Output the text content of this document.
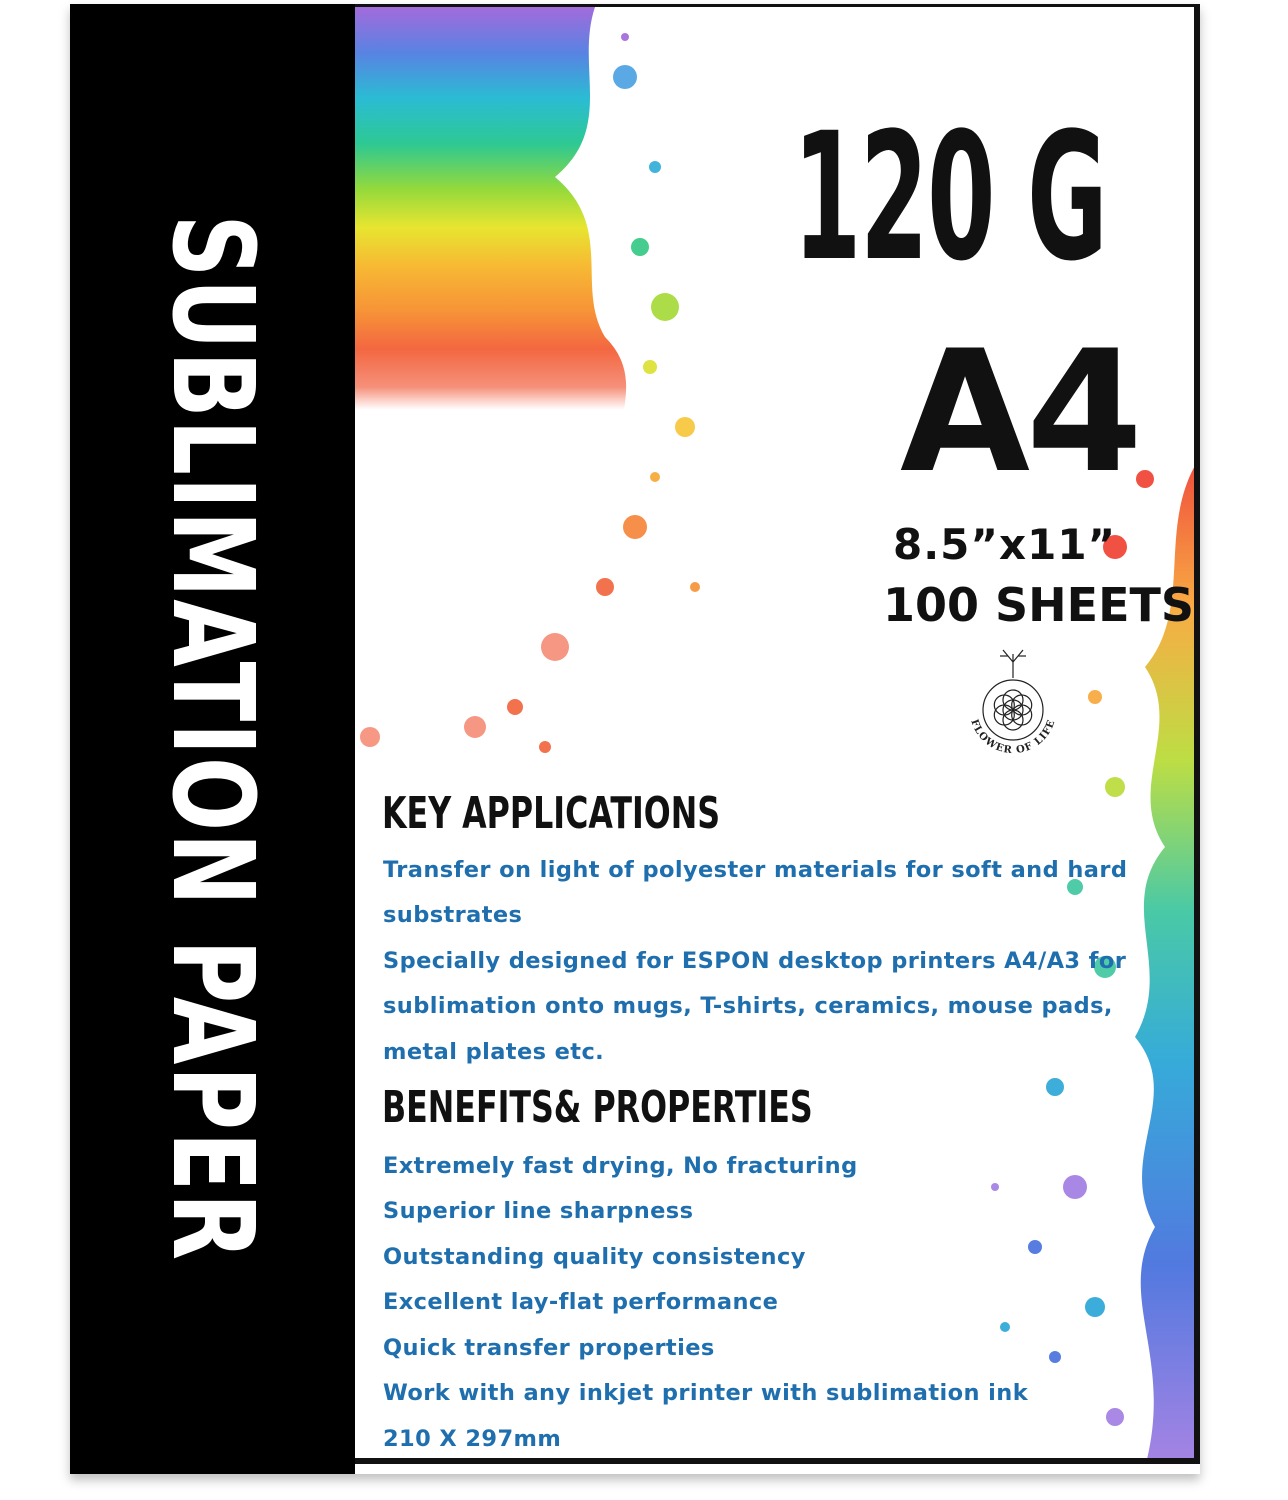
SUBLIMATION PAPER
120 G
A4
8.5”x11”
100 SHEETS
FLOWER OF LIFE
KEY APPLICATIONS
Transfer on light of polyester materials for soft and hard
substrates
Specially designed for ESPON desktop printers A4/A3 for
sublimation onto mugs, T-shirts, ceramics, mouse pads,
metal plates etc.
BENEFITS& PROPERTIES
Extremely fast drying, No fracturing
Superior line sharpness
Outstanding quality consistency
Excellent lay-flat performance
Quick transfer properties
Work with any inkjet printer with sublimation ink
210 X 297mm
